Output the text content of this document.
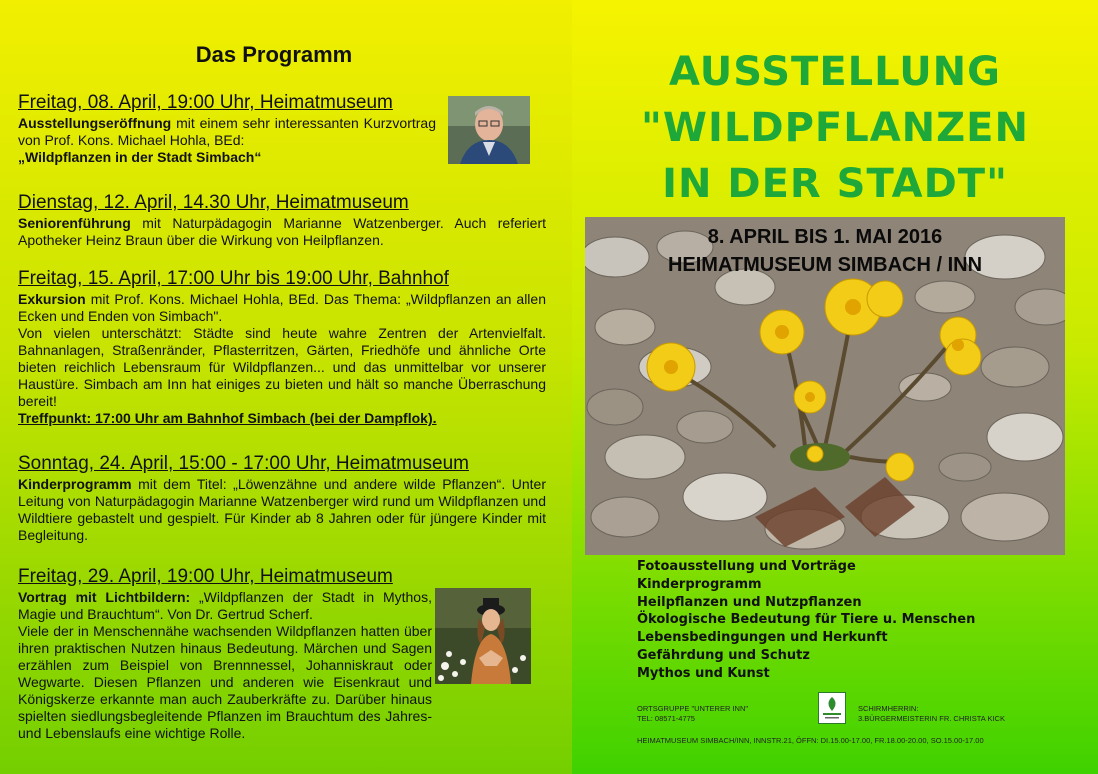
Das Programm
Freitag, 08. April, 19:00 Uhr, Heimatmuseum
Ausstellungseröffnung mit einem sehr interessanten Kurzvortrag von Prof. Kons. Michael Hohla, BEd:
„Wildpflanzen in der Stadt Simbach“
Dienstag, 12. April, 14.30 Uhr, Heimatmuseum
Seniorenführung mit Naturpädagogin Marianne Watzenberger. Auch referiert Apotheker Heinz Braun über die Wirkung von Heilpflanzen.
Freitag, 15. April, 17:00 Uhr bis 19:00 Uhr, Bahnhof
Exkursion mit Prof. Kons. Michael Hohla, BEd. Das Thema: „Wildpflanzen an allen Ecken und Enden von Simbach".
Von vielen unterschätzt: Städte sind heute wahre Zentren der Artenvielfalt. Bahnanlagen, Straßenränder, Pflasterritzen, Gärten, Friedhöfe und ähnliche Orte bieten reichlich Lebensraum für Wildpflanzen... und das unmittelbar vor unserer Haustüre. Simbach am Inn hat einiges zu bieten und hält so manche Überraschung bereit!
Treffpunkt: 17:00 Uhr am Bahnhof Simbach (bei der Dampflok).
Sonntag, 24. April, 15:00 - 17:00 Uhr, Heimatmuseum
Kinderprogramm mit dem Titel: „Löwenzähne und andere wilde Pflanzen“. Unter Leitung von Naturpädagogin Marianne Watzenberger wird rund um Wildpflanzen und Wildtiere gebastelt und gespielt. Für Kinder ab 8 Jahren oder für jüngere Kinder mit Begleitung.
Freitag, 29. April, 19:00 Uhr, Heimatmuseum
Vortrag mit Lichtbildern: „Wildpflanzen der Stadt in Mythos, Magie und Brauchtum“. Von Dr. Gertrud Scherf.
Viele der in Menschennähe wachsenden Wildpflanzen hatten über ihren praktischen Nutzen hinaus Bedeutung. Märchen und Sagen erzählen zum Beispiel von Brennnessel, Johanniskraut oder Wegwarte. Diesen Pflanzen und anderen wie Eisenkraut und Königskerze erkannte man auch Zauberkräfte zu. Darüber hinaus spielten siedlungsbegleitende Pflanzen im Brauchtum des Jahres- und Lebenslaufs eine wichtige Rolle.
AUSSTELLUNG
"WILDPFLANZEN
IN DER STADT"
8. APRIL BIS 1. MAI 2016
HEIMATMUSEUM SIMBACH / INN
Fotoausstellung und Vorträge
Kinderprogramm
Heilpflanzen und Nutzpflanzen
Ökologische Bedeutung für Tiere u. Menschen
Lebensbedingungen und Herkunft
Gefährdung und Schutz
Mythos und Kunst
ORTSGRUPPE "UNTERER INN"
TEL: 08571-4775
SCHIRMHERRIN:
3.BÜRGERMEISTERIN FR. CHRISTA KICK
HEIMATMUSEUM SIMBACH/INN, INNSTR.21, ÖFFN: DI.15.00-17.00, FR.18.00-20.00, SO.15.00-17.00
